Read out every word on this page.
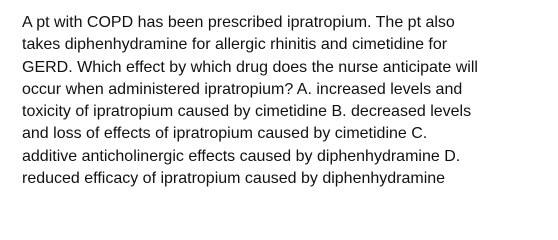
A pt with COPD has been prescribed ipratropium. The pt also
takes diphenhydramine for allergic rhinitis and cimetidine for
GERD. Which effect by which drug does the nurse anticipate will
occur when administered ipratropium? A. increased levels and
toxicity of ipratropium caused by cimetidine B. decreased levels
and loss of effects of ipratropium caused by cimetidine C.
additive anticholinergic effects caused by diphenhydramine D.
reduced efficacy of ipratropium caused by diphenhydramine
